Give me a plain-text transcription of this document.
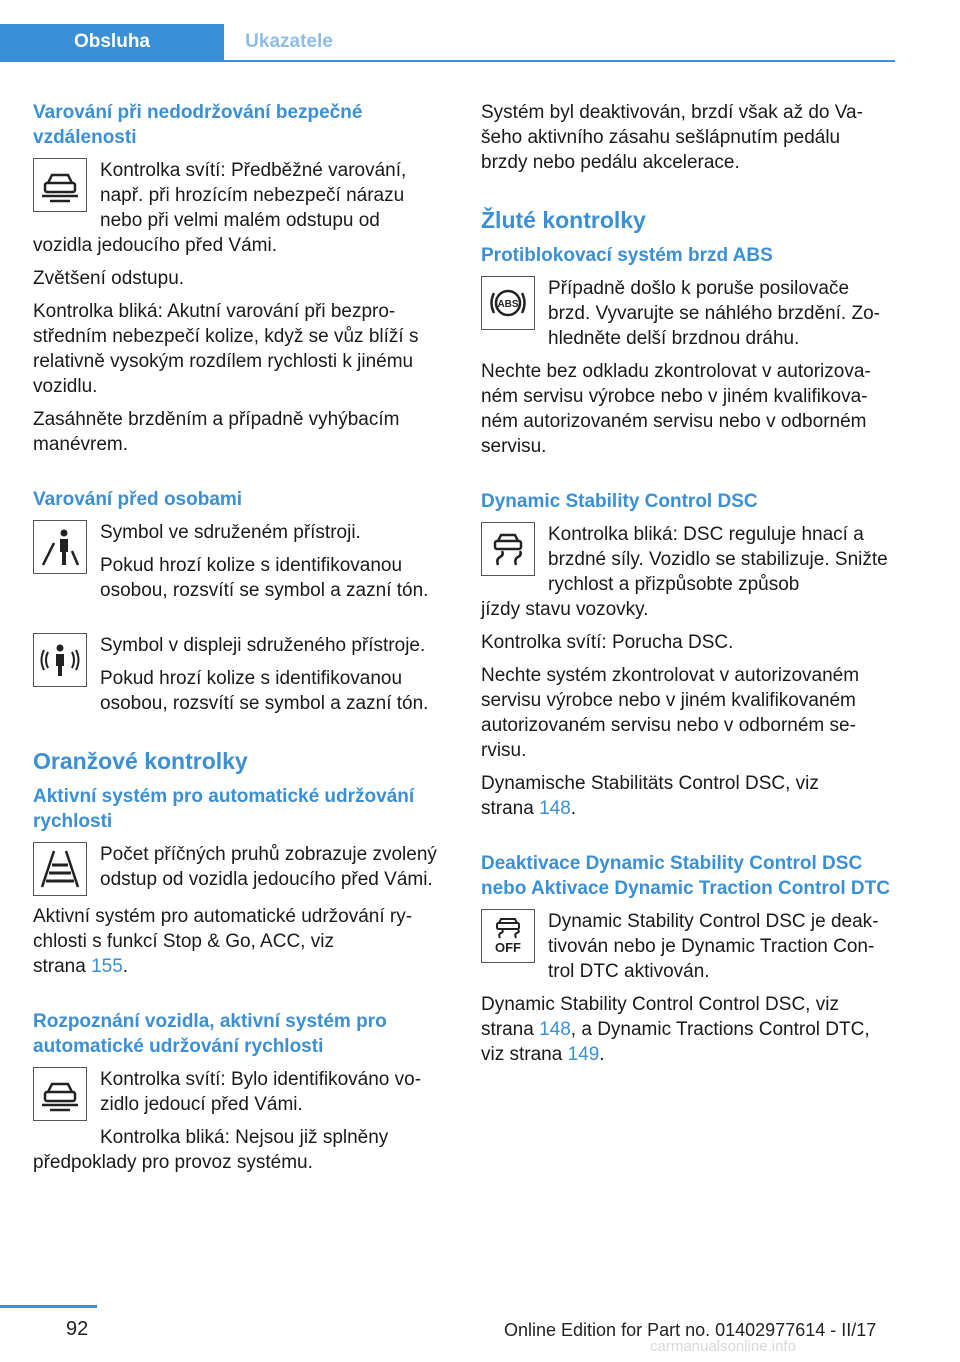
Obsluha	Ukazatele
Varování při nedodržování bezpečné vzdálenosti

Kontrolka svítí: Předběžné varování, např. při hrozícím nebezpečí nárazu nebo při velmi malém odstupu od

vozidla jedoucího před Vámi.

Zvětšení odstupu.

Kontrolka bliká: Akutní varování při bezprostředním nebezpečí kolize, když se vůz blíží s relativně vysokým rozdílem rychlosti k jinému vozidlu.

Zasáhněte brzděním a případně vyhýbacím manévrem.

Varování před osobami

Symbol ve sdruženém přístroji.

Pokud hrozí kolize s identifikovanou osobou, rozsvítí se symbol a zazní tón.

Symbol v displeji sdruženého přístroje.

Pokud hrozí kolize s identifikovanou osobou, rozsvítí se symbol a zazní tón.

Oranžové kontrolky
Aktivní systém pro automatické udržování rychlosti

Počet příčných pruhů zobrazuje zvolený odstup od vozidla jedoucího před Vámi.

Aktivní systém pro automatické udržování rychlosti s funkcí Stop & Go, ACC, viz
strana 155.

Rozpoznání vozidla, aktivní systém pro automatické udržování rychlosti

Kontrolka svítí: Bylo identifikováno vozidlo jedoucí před Vámi.

Kontrolka bliká: Nejsou již splněny

předpoklady pro provoz systému.

Systém byl deaktivován, brzdí však až do Vašeho aktivního zásahu sešlápnutím pedálu brzdy nebo pedálu akcelerace.

Žluté kontrolky
Protiblokovací systém brzd ABS
ABS

Případně došlo k poruše posilovače brzd. Vyvarujte se náhlého brzdění. Zohledněte delší brzdnou dráhu.

Nechte bez odkladu zkontrolovat v autorizovaném servisu výrobce nebo v jiném kvalifikovaném autorizovaném servisu nebo v odborném servisu.

Dynamic Stability Control DSC

Kontrolka bliká: DSC reguluje hnací a brzdné síly. Vozidlo se stabilizuje. Snižte rychlost a přizpůsobte způsob

jízdy stavu vozovky.

Kontrolka svítí: Porucha DSC.

Nechte systém zkontrolovat v autorizovaném servisu výrobce nebo v jiném kvalifikovaném autorizovaném servisu nebo v odborném servisu.

Dynamische Stabilitäts Control DSC, viz
strana 148.

Deaktivace Dynamic Stability Control DSC nebo Aktivace Dynamic Traction Control DTC
OFF

Dynamic Stability Control DSC je deaktivován nebo je Dynamic Traction Control DTC aktivován.

Dynamic Stability Control Control DSC, viz
strana 148, a Dynamic Tractions Control DTC,
viz strana 149.

92	Online Edition for Part no. 01402977614 - II/17
carmanualsonline.info
